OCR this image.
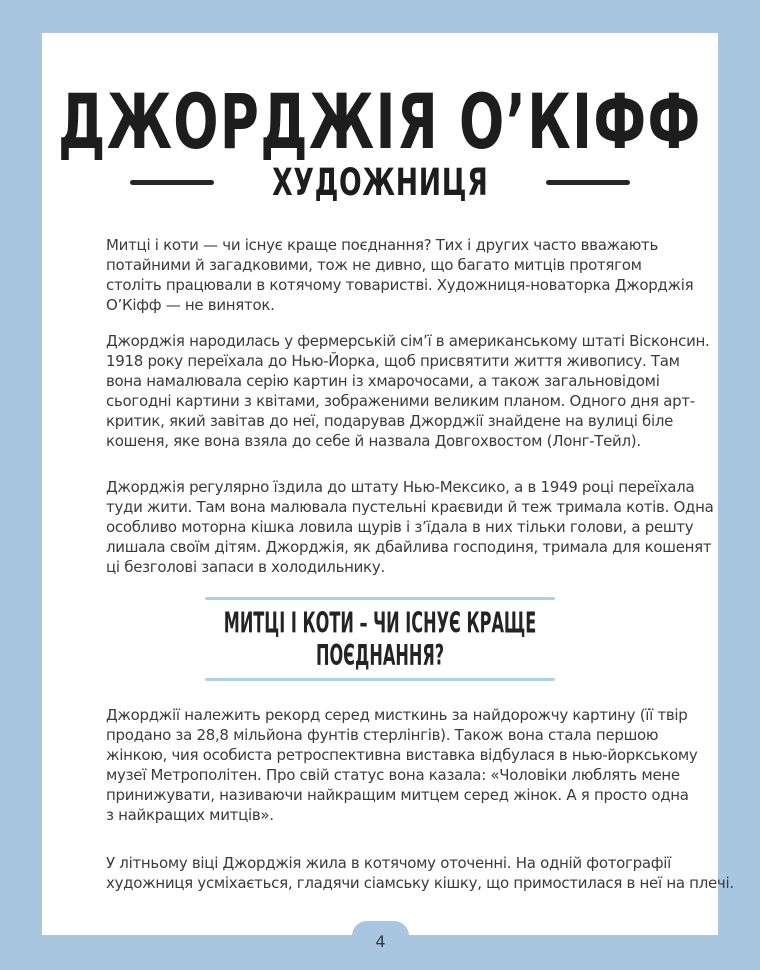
ДЖОРДЖІЯ О’КІФФ
ХУДОЖНИЦЯ
Митці і коти — чи існує краще поєднання? Тих і других часто вважають
потайними й загадковими, тож не дивно, що багато митців протягом
століть працювали в котячому товаристві. Художниця-новаторка Джорджія
О’Кіфф — не виняток.
Джорджія народилась у фермерській сім’ї в американському штаті Вісконсин.
1918 року переїхала до Нью-Йорка, щоб присвятити життя живопису. Там
вона намалювала серію картин із хмарочосами, а також загальновідомі
сьогодні картини з квітами, зображеними великим планом. Одного дня арт-
критик, який завітав до неї, подарував Джорджії знайдене на вулиці біле
кошеня, яке вона взяла до себе й назвала Довгохвостом (Лонг-Тейл).
Джорджія регулярно їздила до штату Нью-Мексико, а в 1949 році переїхала
туди жити. Там вона малювала пустельні краєвиди й теж тримала котів. Одна
особливо моторна кішка ловила щурів і з’їдала в них тільки голови, а решту
лишала своїм дітям. Джорджія, як дбайлива господиня, тримала для кошенят
ці безголові запаси в холодильнику.
МИТЦІ І КОТИ – ЧИ ІСНУЄ КРАЩЕ
ПОЄДНАННЯ?
Джорджії належить рекорд серед мисткинь за найдорожчу картину (її твір
продано за 28,8 мільйона фунтів стерлінгів). Також вона стала першою
жінкою, чия особиста ретроспективна виставка відбулася в нью-йоркському
музеї Метрополітен. Про свій статус вона казала: «Чоловіки люблять мене
принижувати, називаючи найкращим митцем серед жінок. А я просто одна
з найкращих митців».
У літньому віці Джорджія жила в котячому оточенні. На одній фотографії
художниця усміхається, гладячи сіамську кішку, що примостилася в неї на плечі.
4
